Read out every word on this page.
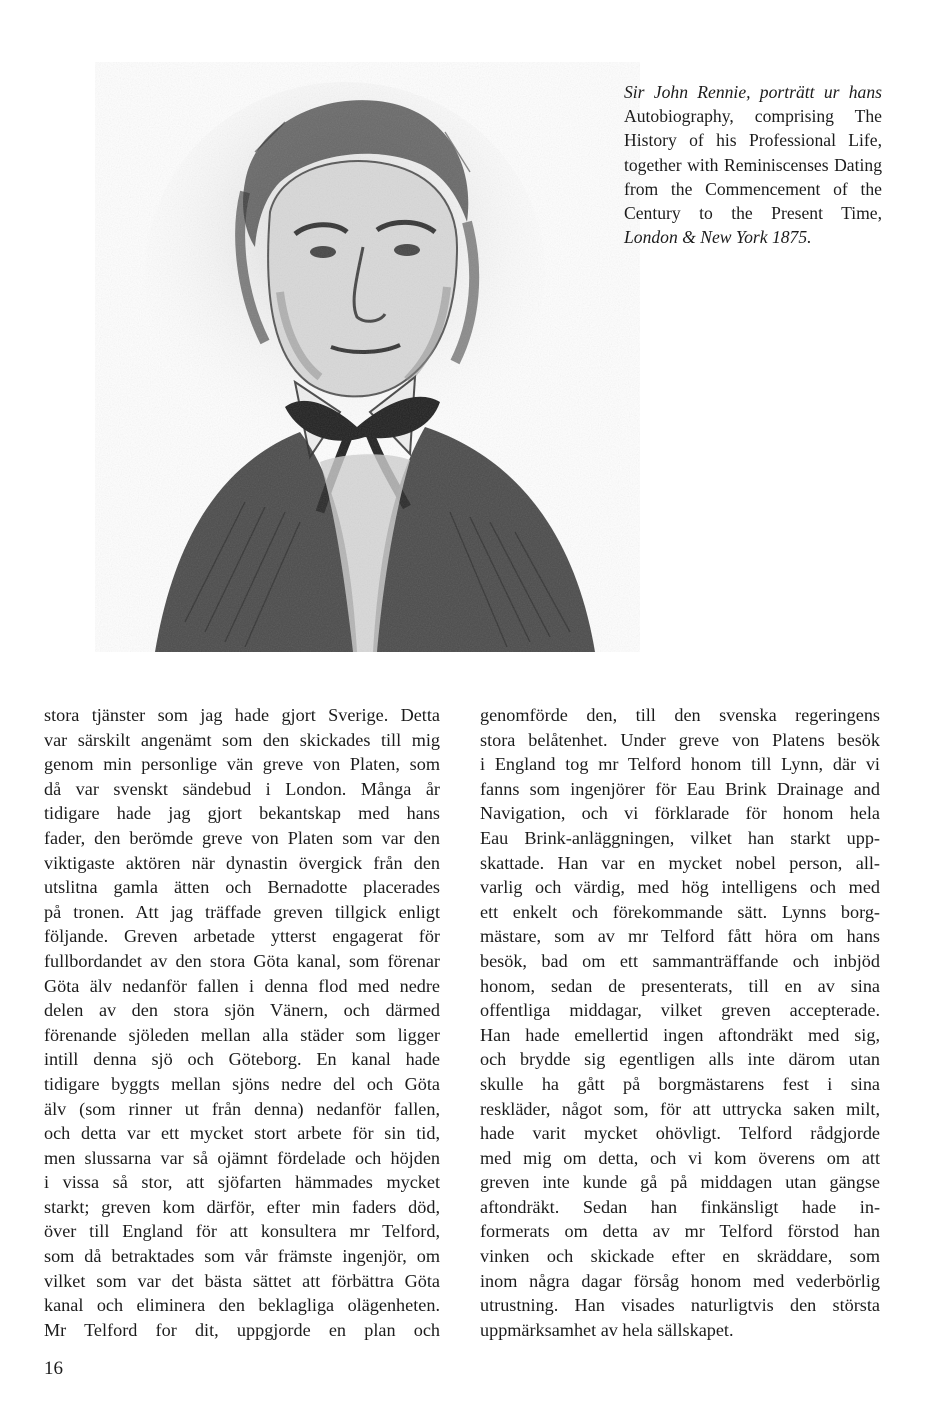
Sir John Rennie, porträtt ur hans Autobiography, comprising The History of his Professional Life, together with Reminiscenses Dating from the Commencement of the Century to the Present Time, London & New York 1875.
stora tjänster som jag hade gjort Sverige. Detta
var särskilt angenämt som den skickades till mig
genom min personlige vän greve von Platen, som
då var svenskt sändebud i London. Många år
tidigare hade jag gjort bekantskap med hans
fader, den berömde greve von Platen som var den
viktigaste aktören när dynastin övergick från den
utslitna gamla ätten och Bernadotte placerades
på tronen. Att jag träffade greven tillgick enligt
följande. Greven arbetade ytterst engagerat för
fullbordandet av den stora Göta kanal, som förenar
Göta älv nedanför fallen i denna flod med nedre
delen av den stora sjön Vänern, och därmed
förenande sjöleden mellan alla städer som ligger
intill denna sjö och Göteborg. En kanal hade
tidigare byggts mellan sjöns nedre del och Göta
älv (som rinner ut från denna) nedanför fallen,
och detta var ett mycket stort arbete för sin tid,
men slussarna var så ojämnt fördelade och höjden
i vissa så stor, att sjöfarten hämmades mycket
starkt; greven kom därför, efter min faders död,
över till England för att konsultera mr Telford,
som då betraktades som vår främste ingenjör, om
vilket som var det bästa sättet att förbättra Göta
kanal och eliminera den beklagliga olägenheten.
Mr Telford for dit, uppgjorde en plan och
genomförde den, till den svenska regeringens
stora belåtenhet. Under greve von Platens besök
i England tog mr Telford honom till Lynn, där vi
fanns som ingenjörer för Eau Brink Drainage and
Navigation, och vi förklarade för honom hela
Eau Brink-anläggningen, vilket han starkt upp-
skattade. Han var en mycket nobel person, all-
varlig och värdig, med hög intelligens och med
ett enkelt och förekommande sätt. Lynns borg-
mästare, som av mr Telford fått höra om hans
besök, bad om ett sammanträffande och inbjöd
honom, sedan de presenterats, till en av sina
offentliga middagar, vilket greven accepterade.
Han hade emellertid ingen aftondräkt med sig,
och brydde sig egentligen alls inte därom utan
skulle ha gått på borgmästarens fest i sina
reskläder, något som, för att uttrycka saken milt,
hade varit mycket ohövligt. Telford rådgjorde
med mig om detta, och vi kom överens om att
greven inte kunde gå på middagen utan gängse
aftondräkt. Sedan han finkänsligt hade in-
formerats om detta av mr Telford förstod han
vinken och skickade efter en skräddare, som
inom några dagar försåg honom med vederbörlig
utrustning. Han visades naturligtvis den största
uppmärksamhet av hela sällskapet.
16
